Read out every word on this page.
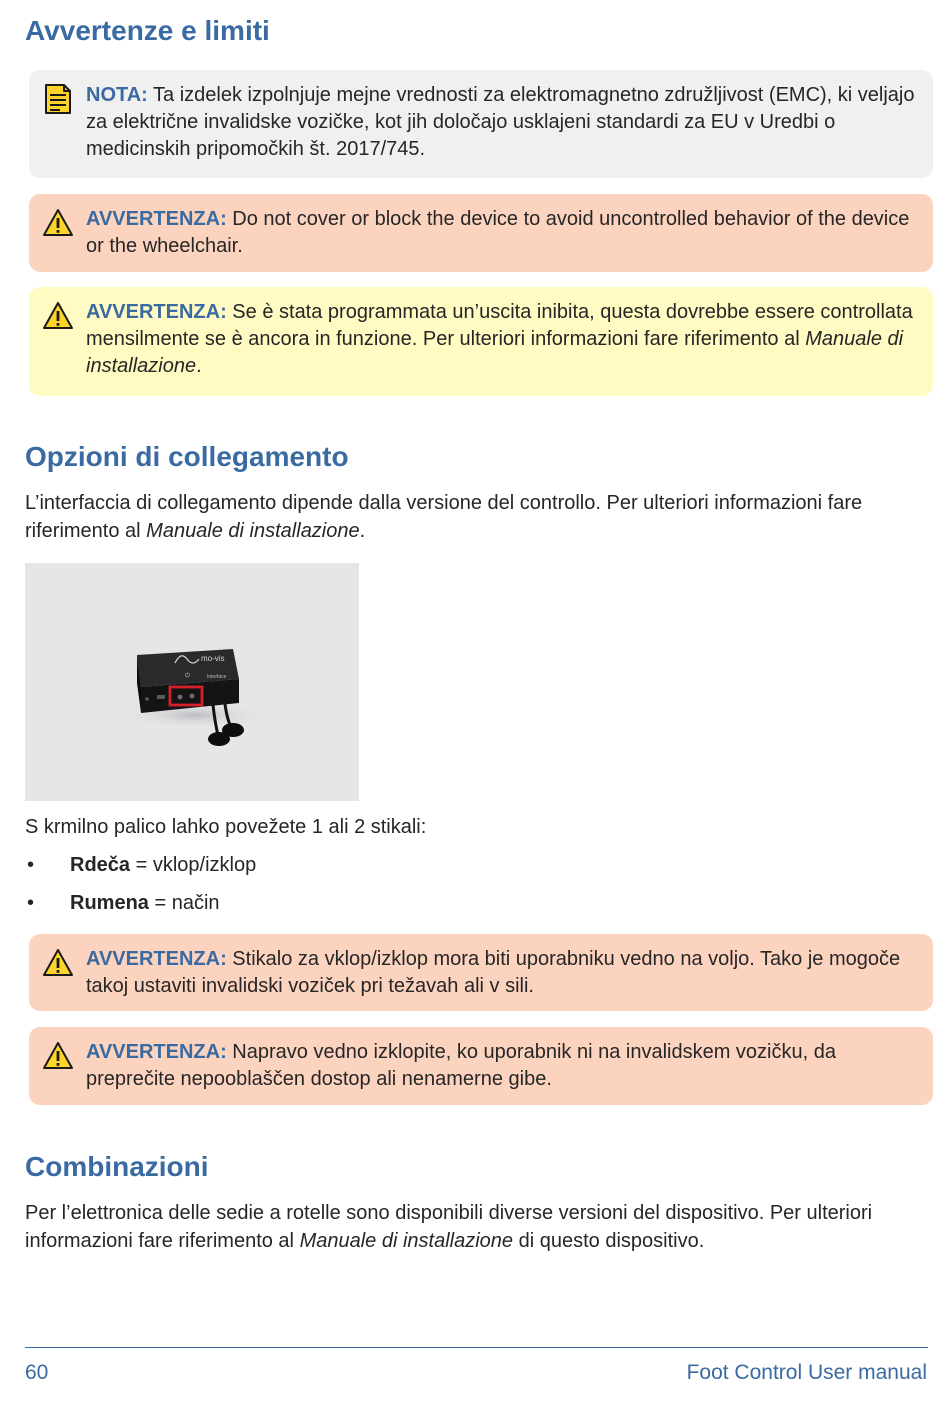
Avvertenze e limiti
NOTA: Ta izdelek izpolnjuje mejne vrednosti za elektromagnetno združljivost (EMC), ki veljajo za električne invalidske vozičke, kot jih določajo usklajeni standardi za EU v Uredbi o medicinskih pripomočkih št. 2017/745.
AVVERTENZA: Do not cover or block the device to avoid uncontrolled behavior of the device or the wheelchair.
AVVERTENZA: Se è stata programmata un’uscita inibita, questa dovrebbe essere controllata mensilmente se è ancora in funzione. Per ulteriori informazioni fare riferimento al Manuale di installazione.
Opzioni di collegamento

L’interfaccia di collegamento dipende dalla versione del controllo. Per ulteriori informazioni fare riferimento al Manuale di installazione.

mo-vis
Interface
⏻

S krmilno palico lahko povežete 1 ali 2 stikali:

• Rdeča = vklop/izklop
• Rumena = način
AVVERTENZA: Stikalo za vklop/izklop mora biti uporabniku vedno na voljo. Tako je mogoče takoj ustaviti invalidski voziček pri težavah ali v sili.
AVVERTENZA: Napravo vedno izklopite, ko uporabnik ni na invalidskem vozičku, da preprečite nepooblaščen dostop ali nenamerne gibe.
Combinazioni

Per l’elettronica delle sedie a rotelle sono disponibili diverse versioni del dispositivo. Per ulteriori informazioni fare riferimento al Manuale di installazione di questo dispositivo.

60	Foot Control User manual
